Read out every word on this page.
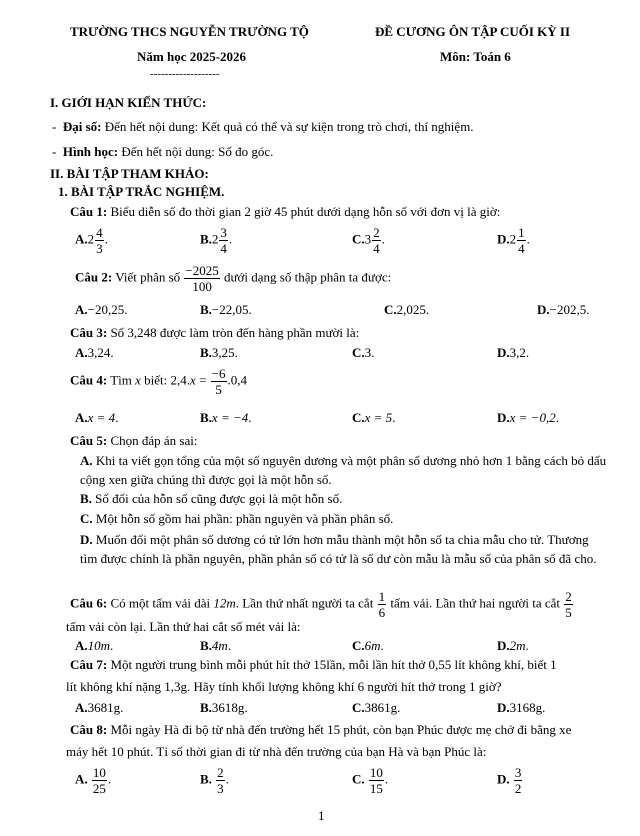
TRƯỜNG THCS NGUYỄN TRƯỜNG TỘ	ĐỀ CƯƠNG ÔN TẬP CUỐI KỲ II
Năm học 2025-2026	Môn: Toán 6
-------------------
I. GIỚI HẠN KIẾN THỨC:
-  Đại số: Đến hết nội dung: Kết quả có thể và sự kiện trong trò chơi, thí nghiệm.
-  Hình học: Đến hết nội dung: Số đo góc.
II. BÀI TẬP THAM KHẢO:
1. BÀI TẬP TRẮC NGHIỆM.
Câu 1: Biểu diễn số đo thời gian 2 giờ 45 phút dưới dạng hỗn số với đơn vị là giờ:
$A.2 \frac{4}{3}$ .	$B.2 \frac{3}{4}$ .	$C.3 \frac{2}{4}$ .	$D.2 \frac{1}{4}$ .
Câu 2: Viết phân số $\frac{-2025}{100}$ dưới dạng số thập phân ta được:
A.−20,25.	B.−22,05.	C.2,025.	D.−202,5.
Câu 3: Số 3,248 được làm tròn đến hàng phần mười là:
A.3,24.	B.3,25.	C.3.	D.3,2.
Câu 4: Tìm x biết: $2,4.x = \frac{-6}{5} .0,4$
A.x = 4.	B.x = −4.	C.x = 5.	D.x = −0,2.
Câu 5: Chọn đáp án sai:
A. Khi ta viết gọn tổng của một số nguyên dương và một phân số dương nhỏ hơn 1 bằng cách bỏ dấu cộng xen giữa chúng thì được gọi là một hỗn số.
B. Số đối của hỗn số cũng được gọi là một hỗn số.
C. Một hỗn số gồm hai phần: phần nguyên và phần phân số.
D. Muốn đổi một phân số dương có tử lớn hơn mẫu thành một hỗn số ta chia mẫu cho tử. Thương tìm được chính là phần nguyên, phần phân số có tử là số dư còn mẫu là mẫu số của phân số đã cho.
Câu 6: Có một tấm vải dài 12m. Lần thứ nhất người ta cắt $\frac{1}{6}$ tấm vải. Lần thứ hai người ta cắt $\frac{2}{5}$
tấm vải còn lại. Lần thứ hai cắt số mét vải là:
A.10m.	B.4m.	C.6m.	D.2m.
Câu 7: Một người trung bình mỗi phút hít thở 15lần, mỗi lần hít thở 0,55 lít không khí, biết 1
lít không khí nặng 1,3g. Hãy tính khối lượng không khí 6 người hít thở trong 1 giờ?
A.3681g.	B.3618g.	C.3861g.	D.3168g.
Câu 8: Mỗi ngày Hà đi bộ từ nhà đến trường hết 15 phút, còn bạn Phúc được mẹ chở đi bằng xe
máy hết 10 phút. Tỉ số thời gian đi từ nhà đến trường của bạn Hà và bạn Phúc là:
A. $\frac{10}{25}$ .	B. $\frac{2}{3}$ .	C. $\frac{10}{15}$ .	D. $\frac{3}{2}$
1
